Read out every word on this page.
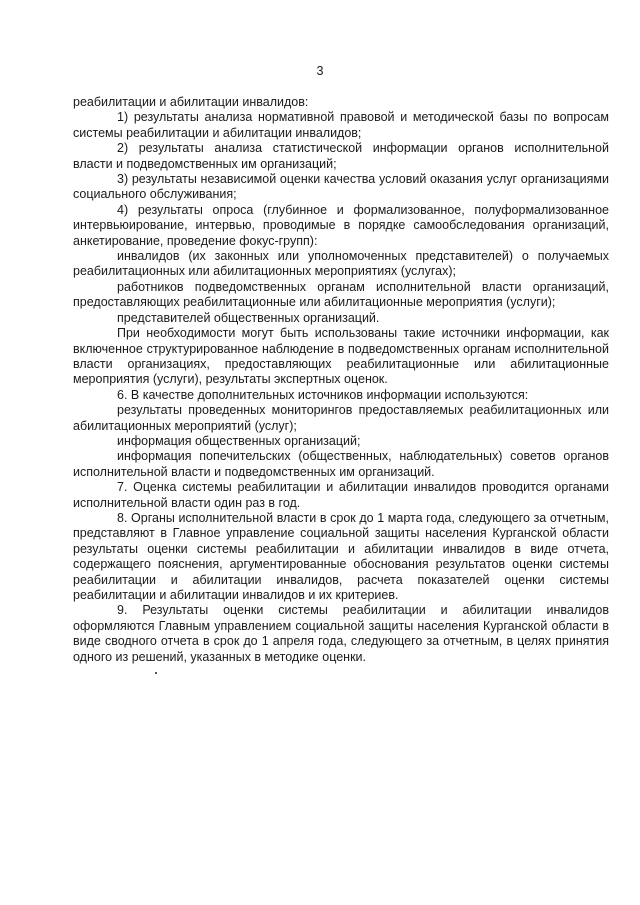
3

реабилитации и абилитации инвалидов:

1) результаты анализа нормативной правовой и методической базы по вопросам системы реабилитации и абилитации инвалидов;

2) результаты анализа статистической информации органов исполнительной власти и подведомственных им организаций;

3) результаты независимой оценки качества условий оказания услуг организациями социального обслуживания;

4) результаты опроса (глубинное и формализованное, полуформализованное интервьюирование, интервью, проводимые в порядке самообследования организаций, анкетирование, проведение фокус-групп):

инвалидов (их законных или уполномоченных представителей) о получаемых реабилитационных или абилитационных мероприятиях (услугах);

работников подведомственных органам исполнительной власти организаций, предоставляющих реабилитационные или абилитационные мероприятия (услуги);

представителей общественных организаций.

При необходимости могут быть использованы такие источники информации, как включенное структурированное наблюдение в подведомственных органам исполнительной власти организациях, предоставляющих реабилитационные или абилитационные мероприятия (услуги), результаты экспертных оценок.

6. В качестве дополнительных источников информации используются:

результаты проведенных мониторингов предоставляемых реабилитационных или абилитационных мероприятий (услуг);

информация общественных организаций;

информация попечительских (общественных, наблюдательных) советов органов исполнительной власти и подведомственных им организаций.

7. Оценка системы реабилитации и абилитации инвалидов проводится органами исполнительной власти один раз в год.

8. Органы исполнительной власти в срок до 1 марта года, следующего за отчетным, представляют в Главное управление социальной защиты населения Курганской области результаты оценки системы реабилитации и абилитации инвалидов в виде отчета, содержащего пояснения, аргументированные обоснования результатов оценки системы реабилитации и абилитации инвалидов, расчета показателей оценки системы реабилитации и абилитации инвалидов и их критериев.

9. Результаты оценки системы реабилитации и абилитации инвалидов оформляются Главным управлением социальной защиты населения Курганской области в виде сводного отчета в срок до 1 апреля года, следующего за отчетным, в целях принятия одного из решений, указанных в методике оценки.
